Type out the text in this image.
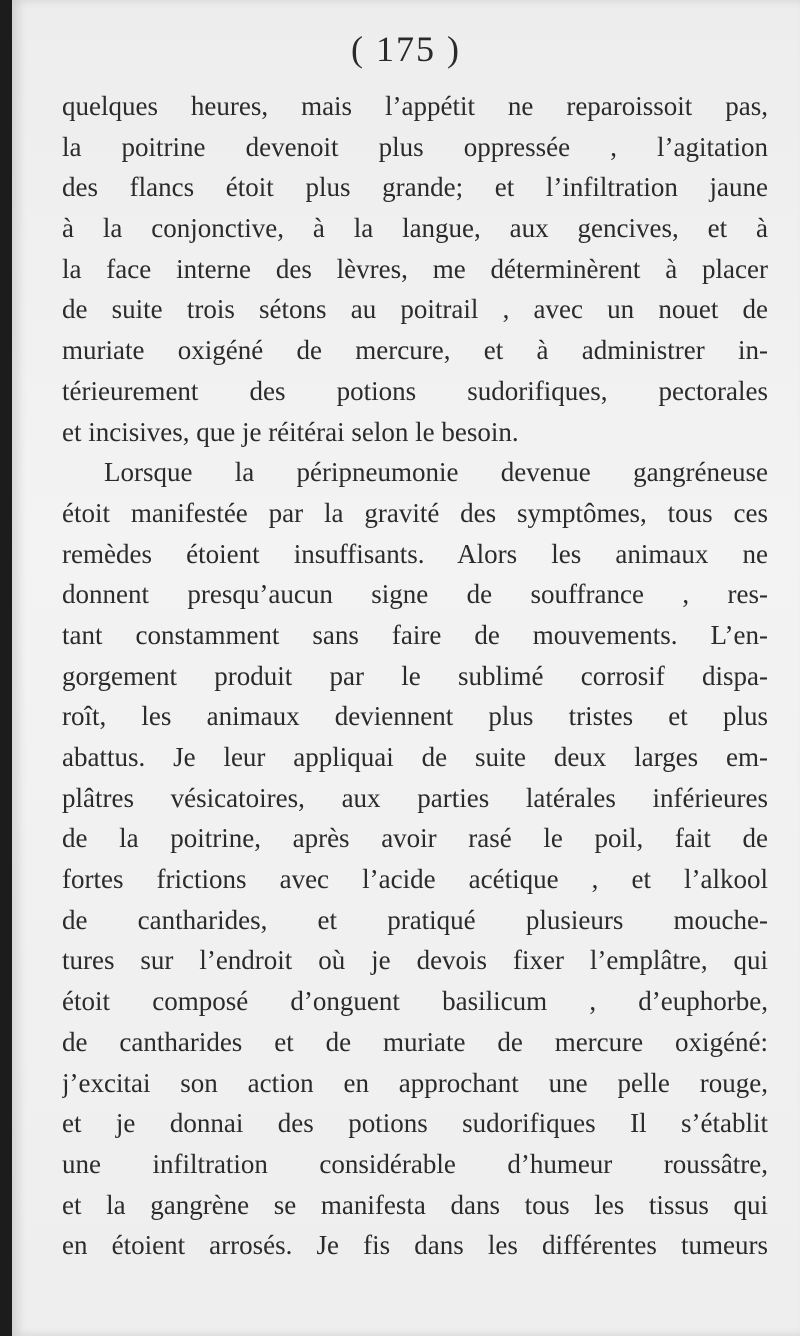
( 175 )
quelques heures, mais l’appétit ne reparoissoit pas,
la poitrine devenoit plus oppressée , l’agitation
des flancs étoit plus grande; et l’infiltration jaune
à la conjonctive, à la langue, aux gencives, et à
la face interne des lèvres, me déterminèrent à placer
de suite trois sétons au poitrail , avec un nouet de
muriate oxigéné de mercure, et à administrer in-
térieurement des potions sudorifiques, pectorales
et incisives, que je réitérai selon le besoin.
Lorsque la péripneumonie devenue gangréneuse
étoit manifestée par la gravité des symptômes, tous ces
remèdes étoient insuffisants. Alors les animaux ne
donnent presqu’aucun signe de souffrance , res-
tant constamment sans faire de mouvements. L’en-
gorgement produit par le sublimé corrosif dispa-
roît, les animaux deviennent plus tristes et plus
abattus. Je leur appliquai de suite deux larges em-
plâtres vésicatoires, aux parties latérales inférieures
de la poitrine, après avoir rasé le poil, fait de
fortes frictions avec l’acide acétique , et l’alkool
de cantharides, et pratiqué plusieurs mouche-
tures sur l’endroit où je devois fixer l’emplâtre, qui
étoit composé d’onguent basilicum , d’euphorbe,
de cantharides et de muriate de mercure oxigéné:
j’excitai son action en approchant une pelle rouge,
et je donnai des potions sudorifiques Il s’établit
une infiltration considérable d’humeur roussâtre,
et la gangrène se manifesta dans tous les tissus qui
en étoient arrosés. Je fis dans les différentes tumeurs
